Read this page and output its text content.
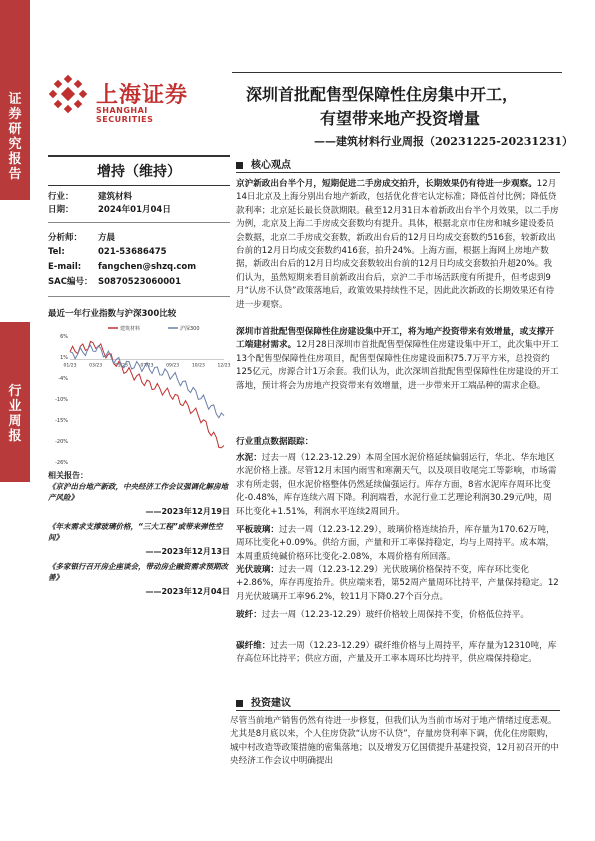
证
券
研
究
报
告
行
业
周
报
上海证券
SHANGHAI SECURITIES
深圳首批配售型保障性住房集中开工，
有望带来地产投资增量
——建筑材料行业周报（20231225-20231231）
增持（维持）
行业：	建筑材料
日期：	2024年01月04日
分析师： 方晨
Tel:	021-53686475
E-mail: fangchen@shzq.com
SAC编号： S0870523060001
最近一年行业指数与沪深300比较
6%
1%
-4%
-10%
-15%
-20%
-26%
01/23	03/23	05/23	07/23	09/23	10/23	12/23
建筑材料	沪深300
相关报告：
《京沪出台地产新政，中央经济工作会议强调化解房地产风险》
——2023年12月19日
《年末需求支撑玻璃价格，“三大工程”或带来弹性空间》
——2023年12月13日
《多家银行召开房企座谈会，带动房企融资需求预期改善》
——2023年12月04日
核心观点

京沪新政出台半个月，短期促进二手房成交拍升，长期效果仍有待进一步观察。12月14日北京及上海分别出台地产新政，包括优化普宅认定标准；降低首付比例；降低贷款利率；北京延长最长贷款期限。截至12月31日本着新政出台半个月效果，以二手房为例，北京及上海二手房成交套数均有提升。具体，根据北京市住房和城乡建设委员会数据，北京二手房成交套数，新政出台后的12月日均成交套数约516套，较新政出台前的12月日均成交套数约416套，拍升24%。上海方面，根据上海网上房地产数据，新政出台后的12月日均成交套数较出台前的12月日均成交套数拍升超20%。我们认为，虽然短期来看目前新政出台后，京沪二手市场活跃度有所提升，但考虑到9月“认房不认贷”政策落地后，政策效果持续性不足，因此此次新政的长期效果还有待进一步观察。

深圳市首批配售型保障性住房建设集中开工，将为地产投资带来有效增量，或支撑开工端建材需求。12月28日深圳市首批配售型保障性住房建设集中开工，此次集中开工13个配售型保障性住房项目，配售型保障性住房建设面积75.7万平方米，总投资约125亿元，房源合计1万余套。我们认为，此次深圳首批配售型保障性住房建设的开工落地，预计将会为房地产投资带来有效增量，进一步带来开工端品种的需求企稳。

行业重点数据跟踪：

水泥：过去一周（12.23-12.29）本周全国水泥价格延续偏弱运行，华北、华东地区水泥价格上涨。尽管12月末国内雨雪和寒潮天气，以及项目收尾完工等影响，市场需求有所走弱，但水泥价格整体仍然延续偏强运行。库存方面，8省水泥库存周环比变化-0.48%，库存连续六周下降。利润端看，水泥行业工艺理论利润30.29元/吨，周环比变化+1.51%，利润水平连续2周回升。

平板玻璃：过去一周（12.23-12.29），玻璃价格连续抬升，库存量为170.62万吨，周环比变化+0.09%。供给方面，产量和开工率保持稳定，均与上周持平。成本端，本周重质纯碱价格环比变化-2.08%，本周价格有所回落。

光伏玻璃：过去一周（12.23-12.29）光伏玻璃价格保持不变，库存环比变化+2.86%，库存再度抬升。供应端来看，第52周产量周环比持平，产量保持稳定。12月光伏玻璃开工率96.2%，较11月下降0.27个百分点。

玻纤：过去一周（12.23-12.29）玻纤价格较上周保持不变，价格低位持平。

碳纤维：过去一周（12.23-12.29）碳纤维价格与上周持平，库存量为12310吨，库存高位环比持平；供应方面，产量及开工率本周环比均持平，供应端保持稳定。

投资建议
尽管当前地产销售仍然有待进一步修复，但我们认为当前市场对于地产情绪过度悲观。尤其是8月底以来，个人住房贷款“认房不认贷”，存量房贷利率下调，优化住房限购，城中村改造等政策措施的密集落地；以及增发万亿国债提升基建投资，12月初召开的中央经济工作会议中明确提出
